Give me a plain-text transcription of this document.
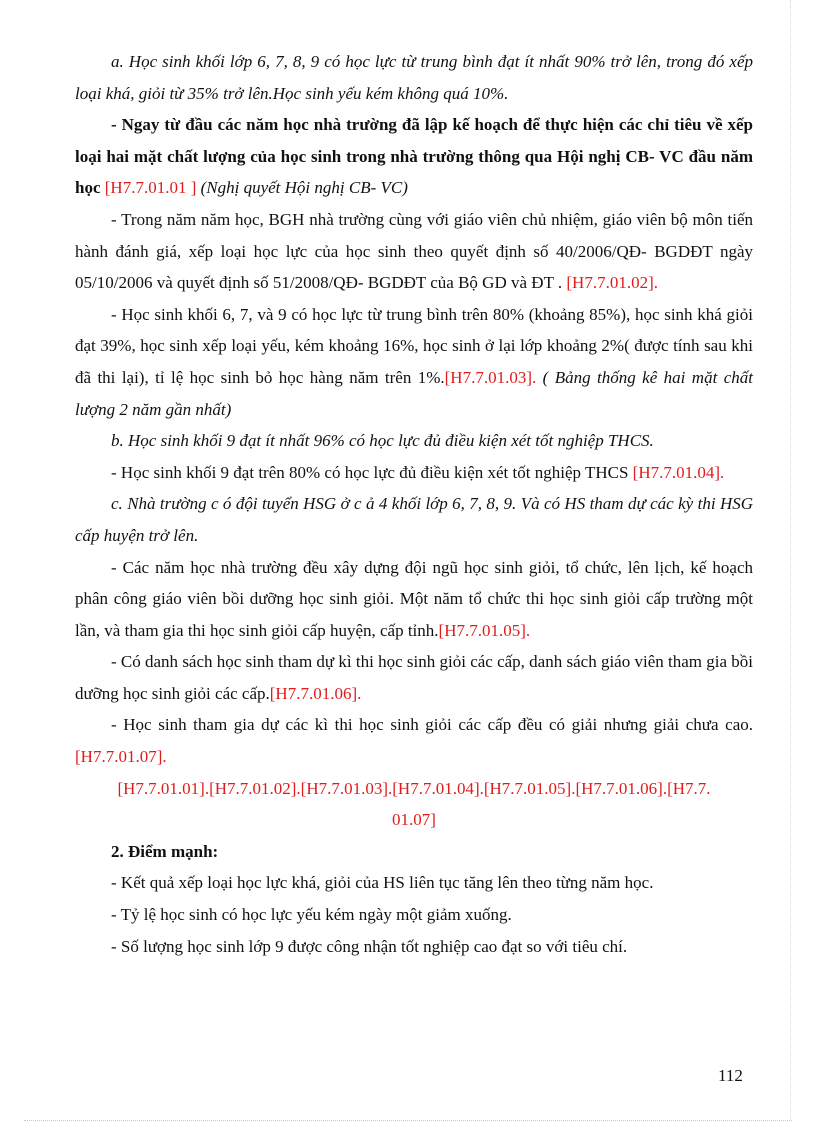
a. Học sinh khối lớp 6, 7, 8, 9 có học lực từ trung bình đạt ít nhất 90% trở lên, trong đó xếp loại khá, giỏi từ 35% trở lên.Học sinh yếu kém không quá 10%.

- Ngay từ đầu các năm học nhà trường đã lập kế hoạch để thực hiện các chỉ tiêu về xếp loại hai mặt chất lượng của học sinh trong nhà trường thông qua Hội nghị CB- VC đầu năm học [H7.7.01.01 ] (Nghị quyết Hội nghị CB- VC)

- Trong năm năm học, BGH nhà trường cùng với giáo viên chủ nhiệm, giáo viên bộ môn tiến hành đánh giá, xếp loại học lực của học sinh theo quyết định số 40/2006/QĐ- BGDĐT ngày 05/10/2006 và quyết định số 51/2008/QĐ- BGDĐT của Bộ GD và ĐT . [H7.7.01.02].

- Học sinh khối 6, 7, và 9 có học lực từ trung bình trên 80% (khoảng 85%), học sinh khá giỏi đạt 39%, học sinh xếp loại yếu, kém khoảng 16%, học sinh ở lại lớp khoảng 2%( được tính sau khi đã thi lại), tỉ lệ học sinh bỏ học hàng năm trên 1%.[H7.7.01.03]. ( Bảng thống kê hai mặt chất lượng 2 năm gần nhất)

b. Học sinh khối 9 đạt ít nhất 96% có học lực đủ điều kiện xét tốt nghiệp THCS.

- Học sinh khối 9 đạt trên 80% có học lực đủ điều kiện xét tốt nghiệp THCS [H7.7.01.04].

c. Nhà trường c ó đội tuyển HSG ở c ả 4 khối lớp 6, 7, 8, 9. Và có HS tham dự các kỳ thi HSG cấp huyện trở lên.

- Các năm học nhà trường đều xây dựng đội ngũ học sinh giỏi, tổ chức, lên lịch, kế hoạch phân công giáo viên bồi dưỡng học sinh giỏi. Một năm tổ chức thi học sinh giỏi cấp trường một lần, và tham gia thi học sinh giỏi cấp huyện, cấp tỉnh.[H7.7.01.05].

- Có danh sách học sinh tham dự kì thi học sinh giỏi các cấp, danh sách giáo viên tham gia bồi dưỡng học sinh giỏi các cấp.[H7.7.01.06].

- Học sinh tham gia dự các kì thi học sinh giỏi các cấp đều có giải nhưng giải chưa cao.[H7.7.01.07].

[H7.7.01.01].[H7.7.01.02].[H7.7.01.03].[H7.7.01.04].[H7.7.01.05].[H7.7.01.06].[H7.7.
01.07]

2. Điểm mạnh:

- Kết quả xếp loại học lực khá, giỏi của HS liên tục tăng lên theo từng năm học.

- Tỷ lệ học sinh có học lực yếu kém ngày một giảm xuống.

- Số lượng học sinh lớp 9 được công nhận tốt nghiệp cao đạt so với tiêu chí.

112
